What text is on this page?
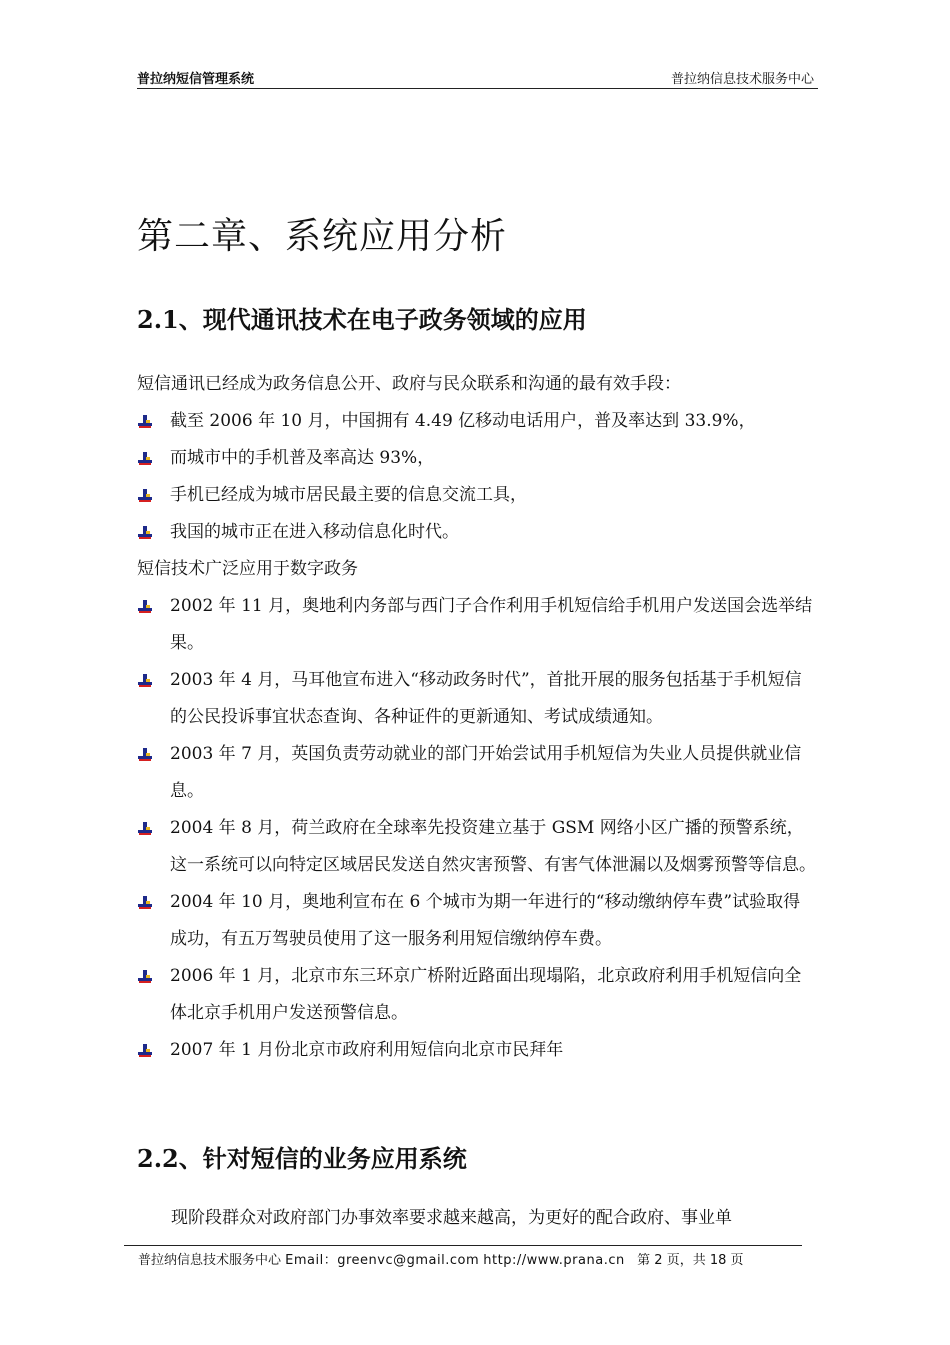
普拉纳短信管理系统	普拉纳信息技术服务中心
第二章、系统应用分析
2.1、现代通讯技术在电子政务领域的应用

短信通讯已经成为政务信息公开、政府与民众联系和沟通的最有效手段：

截至 2006 年 10 月，中国拥有 4.49 亿移动电话用户，普及率达到 33.9%，
而城市中的手机普及率高达 93%，
手机已经成为城市居民最主要的信息交流工具，
我国的城市正在进入移动信息化时代。

短信技术广泛应用于数字政务

2002 年 11 月，奥地利内务部与西门子合作利用手机短信给手机用户发送国会选举结果。
2003 年 4 月，马耳他宣布进入“移动政务时代”，首批开展的服务包括基于手机短信的公民投诉事宜状态查询、各种证件的更新通知、考试成绩通知。
2003 年 7 月，英国负责劳动就业的部门开始尝试用手机短信为失业人员提供就业信息。
2004 年 8 月，荷兰政府在全球率先投资建立基于 GSM 网络小区广播的预警系统，这一系统可以向特定区域居民发送自然灾害预警、有害气体泄漏以及烟雾预警等信息。
2004 年 10 月，奥地利宣布在 6 个城市为期一年进行的“移动缴纳停车费”试验取得成功，有五万驾驶员使用了这一服务利用短信缴纳停车费。
2006 年 1 月，北京市东三环京广桥附近路面出现塌陷，北京政府利用手机短信向全体北京手机用户发送预警信息。
2007 年 1 月份北京市政府利用短信向北京市民拜年
2.2、针对短信的业务应用系统

现阶段群众对政府部门办事效率要求越来越高，为更好的配合政府、事业单

普拉纳信息技术服务中心 Email：greenvc@gmail.com http://www.prana.cn 第 2 页，共 18 页
